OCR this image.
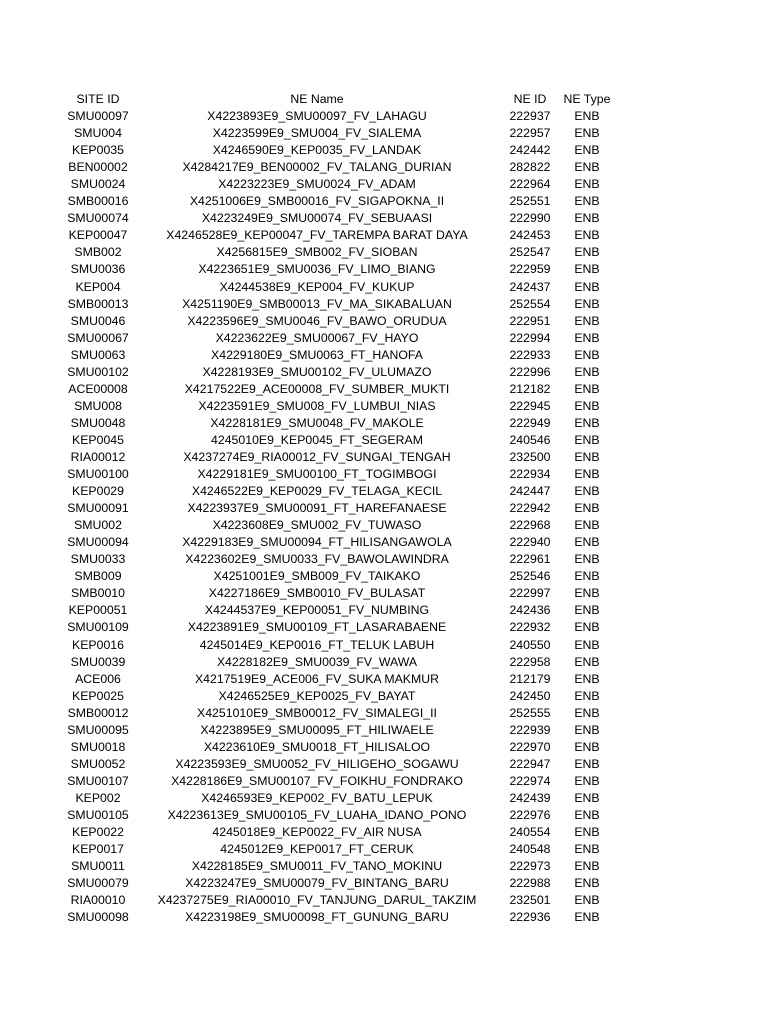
SITE ID	NE Name	NE ID	NE Type
SMU00097	X4223893E9_SMU00097_FV_LAHAGU	222937	ENB
SMU004	X4223599E9_SMU004_FV_SIALEMA	222957	ENB
KEP0035	X4246590E9_KEP0035_FV_LANDAK	242442	ENB
BEN00002	X4284217E9_BEN00002_FV_TALANG_DURIAN	282822	ENB
SMU0024	X4223223E9_SMU0024_FV_ADAM	222964	ENB
SMB00016	X4251006E9_SMB00016_FV_SIGAPOKNA_II	252551	ENB
SMU00074	X4223249E9_SMU00074_FV_SEBUAASI	222990	ENB
KEP00047	X4246528E9_KEP00047_FV_TAREMPA BARAT DAYA	242453	ENB
SMB002	X4256815E9_SMB002_FV_SIOBAN	252547	ENB
SMU0036	X4223651E9_SMU0036_FV_LIMO_BIANG	222959	ENB
KEP004	X4244538E9_KEP004_FV_KUKUP	242437	ENB
SMB00013	X4251190E9_SMB00013_FV_MA_SIKABALUAN	252554	ENB
SMU0046	X4223596E9_SMU0046_FV_BAWO_ORUDUA	222951	ENB
SMU00067	X4223622E9_SMU00067_FV_HAYO	222994	ENB
SMU0063	X4229180E9_SMU0063_FT_HANOFA	222933	ENB
SMU00102	X4228193E9_SMU00102_FV_ULUMAZO	222996	ENB
ACE00008	X4217522E9_ACE00008_FV_SUMBER_MUKTI	212182	ENB
SMU008	X4223591E9_SMU008_FV_LUMBUI_NIAS	222945	ENB
SMU0048	X4228181E9_SMU0048_FV_MAKOLE	222949	ENB
KEP0045	4245010E9_KEP0045_FT_SEGERAM	240546	ENB
RIA00012	X4237274E9_RIA00012_FV_SUNGAI_TENGAH	232500	ENB
SMU00100	X4229181E9_SMU00100_FT_TOGIMBOGI	222934	ENB
KEP0029	X4246522E9_KEP0029_FV_TELAGA_KECIL	242447	ENB
SMU00091	X4223937E9_SMU00091_FT_HAREFANAESE	222942	ENB
SMU002	X4223608E9_SMU002_FV_TUWASO	222968	ENB
SMU00094	X4229183E9_SMU00094_FT_HILISANGAWOLA	222940	ENB
SMU0033	X4223602E9_SMU0033_FV_BAWOLAWINDRA	222961	ENB
SMB009	X4251001E9_SMB009_FV_TAIKAKO	252546	ENB
SMB0010	X4227186E9_SMB0010_FV_BULASAT	222997	ENB
KEP00051	X4244537E9_KEP00051_FV_NUMBING	242436	ENB
SMU00109	X4223891E9_SMU00109_FT_LASARABAENE	222932	ENB
KEP0016	4245014E9_KEP0016_FT_TELUK LABUH	240550	ENB
SMU0039	X4228182E9_SMU0039_FV_WAWA	222958	ENB
ACE006	X4217519E9_ACE006_FV_SUKA MAKMUR	212179	ENB
KEP0025	X4246525E9_KEP0025_FV_BAYAT	242450	ENB
SMB00012	X4251010E9_SMB00012_FV_SIMALEGI_II	252555	ENB
SMU00095	X4223895E9_SMU00095_FT_HILIWAELE	222939	ENB
SMU0018	X4223610E9_SMU0018_FT_HILISALOO	222970	ENB
SMU0052	X4223593E9_SMU0052_FV_HILIGEHO_SOGAWU	222947	ENB
SMU00107	X4228186E9_SMU00107_FV_FOIKHU_FONDRAKO	222974	ENB
KEP002	X4246593E9_KEP002_FV_BATU_LEPUK	242439	ENB
SMU00105	X4223613E9_SMU00105_FV_LUAHA_IDANO_PONO	222976	ENB
KEP0022	4245018E9_KEP0022_FV_AIR NUSA	240554	ENB
KEP0017	4245012E9_KEP0017_FT_CERUK	240548	ENB
SMU0011	X4228185E9_SMU0011_FV_TANO_MOKINU	222973	ENB
SMU00079	X4223247E9_SMU00079_FV_BINTANG_BARU	222988	ENB
RIA00010	X4237275E9_RIA00010_FV_TANJUNG_DARUL_TAKZIM	232501	ENB
SMU00098	X4223198E9_SMU00098_FT_GUNUNG_BARU	222936	ENB
